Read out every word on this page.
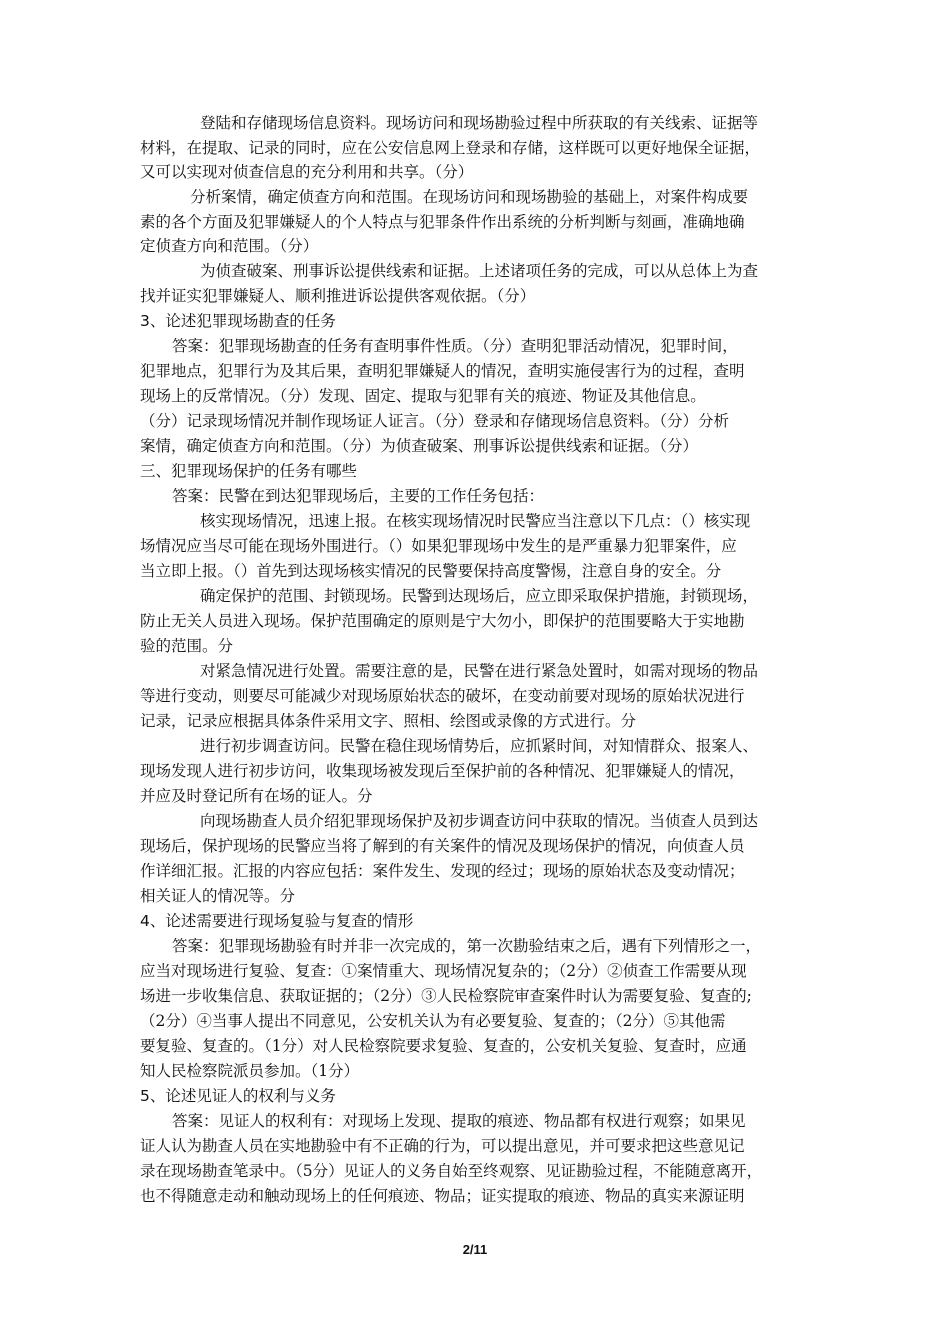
登陆和存储现场信息资料。现场访问和现场勘验过程中所获取的有关线索、证据等
材料，在提取、记录的同时，应在公安信息网上登录和存储，这样既可以更好地保全证据，
又可以实现对侦查信息的充分利用和共享。（分）
分析案情，确定侦查方向和范围。在现场访问和现场勘验的基础上，对案件构成要
素的各个方面及犯罪嫌疑人的个人特点与犯罪条件作出系统的分析判断与刻画，准确地确
定侦查方向和范围。（分）
为侦查破案、刑事诉讼提供线索和证据。上述诸项任务的完成，可以从总体上为查
找并证实犯罪嫌疑人、顺利推进诉讼提供客观依据。（分）
3、论述犯罪现场勘查的任务
答案：犯罪现场勘查的任务有查明事件性质。（分）查明犯罪活动情况，犯罪时间，
犯罪地点，犯罪行为及其后果，查明犯罪嫌疑人的情况，查明实施侵害行为的过程，查明
现场上的反常情况。（分）发现、固定、提取与犯罪有关的痕迹、物证及其他信息。
（分）记录现场情况并制作现场证人证言。（分）登录和存储现场信息资料。（分）分析
案情，确定侦查方向和范围。（分）为侦查破案、刑事诉讼提供线索和证据。（分）
三、犯罪现场保护的任务有哪些
答案：民警在到达犯罪现场后，主要的工作任务包括：
核实现场情况，迅速上报。在核实现场情况时民警应当注意以下几点：（）核实现
场情况应当尽可能在现场外围进行。（）如果犯罪现场中发生的是严重暴力犯罪案件，应
当立即上报。（）首先到达现场核实情况的民警要保持高度警惕，注意自身的安全。分
确定保护的范围、封锁现场。民警到达现场后，应立即采取保护措施，封锁现场，
防止无关人员进入现场。保护范围确定的原则是宁大勿小，即保护的范围要略大于实地勘
验的范围。分
对紧急情况进行处置。需要注意的是，民警在进行紧急处置时，如需对现场的物品
等进行变动，则要尽可能减少对现场原始状态的破坏，在变动前要对现场的原始状况进行
记录，记录应根据具体条件采用文字、照相、绘图或录像的方式进行。分
进行初步调查访问。民警在稳住现场情势后，应抓紧时间，对知情群众、报案人、
现场发现人进行初步访问，收集现场被发现后至保护前的各种情况、犯罪嫌疑人的情况，
并应及时登记所有在场的证人。分
向现场勘查人员介绍犯罪现场保护及初步调查访问中获取的情况。当侦查人员到达
现场后，保护现场的民警应当将了解到的有关案件的情况及现场保护的情况，向侦查人员
作详细汇报。汇报的内容应包括：案件发生、发现的经过；现场的原始状态及变动情况；
相关证人的情况等。分
4、论述需要进行现场复验与复查的情形
答案：犯罪现场勘验有时并非一次完成的，第一次勘验结束之后，遇有下列情形之一，
应当对现场进行复验、复查：①案情重大、现场情况复杂的；（2分）②侦查工作需要从现
场进一步收集信息、获取证据的；（2分）③人民检察院审查案件时认为需要复验、复查的;
（2分）④当事人提出不同意见，公安机关认为有必要复验、复查的；（2分）⑤其他需
要复验、复查的。（1分）对人民检察院要求复验、复查的，公安机关复验、复查时，应通
知人民检察院派员参加。（1分）
5、论述见证人的权利与义务
答案：见证人的权利有：对现场上发现、提取的痕迹、物品都有权进行观察；如果见
证人认为勘查人员在实地勘验中有不正确的行为，可以提出意见，并可要求把这些意见记
录在现场勘查笔录中。（5分）见证人的义务自始至终观察、见证勘验过程，不能随意离开，
也不得随意走动和触动现场上的任何痕迹、物品；证实提取的痕迹、物品的真实来源证明
2/11
